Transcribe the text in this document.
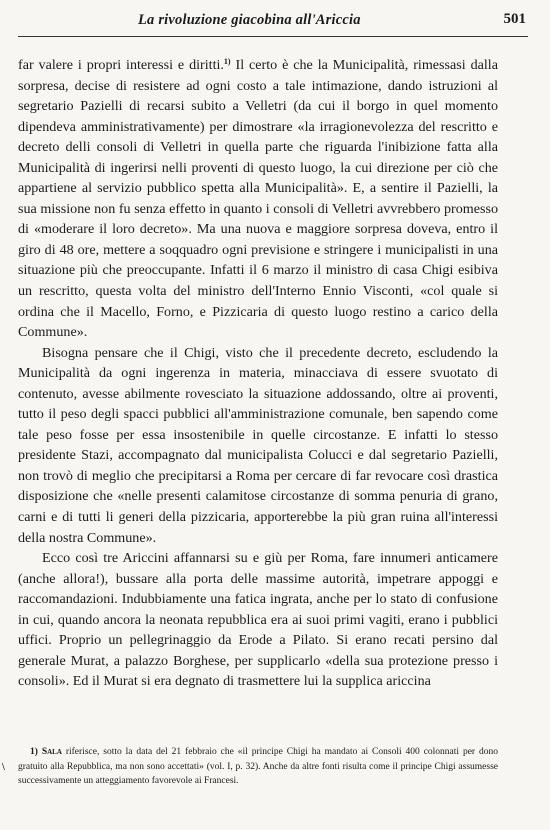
La rivoluzione giacobina all'Ariccia	501

far valere i propri interessi e diritti.$^{1)}$ Il certo è che la Municipalità, rimessasi dalla sorpresa, decise di resistere ad ogni costo a tale intimazione, dando istruzioni al segretario Pazielli di recarsi subito a Velletri (da cui il borgo in quel momento dipendeva amministrativamente) per dimostrare «la irragionevolezza del rescritto e decreto delli consoli di Velletri in quella parte che riguarda l'inibizione fatta alla Municipalità di ingerirsi nelli proventi di questo luogo, la cui direzione per ciò che appartiene al servizio pubblico spetta alla Municipalità». E, a sentire il Pazielli, la sua missione non fu senza effetto in quanto i consoli di Velletri avvrebbero promesso di «moderare il loro decreto». Ma una nuova e maggiore sorpresa doveva, entro il giro di 48 ore, mettere a soqquadro ogni previsione e stringere i municipalisti in una situazione più che preoccupante. Infatti il 6 marzo il ministro di casa Chigi esibiva un rescritto, questa volta del ministro dell'Interno Ennio Visconti, «col quale si ordina che il Macello, Forno, e Pizzicaria di questo luogo restino a carico della Commune».

Bisogna pensare che il Chigi, visto che il precedente decreto, escludendo la Municipalità da ogni ingerenza in materia, minacciava di essere svuotato di contenuto, avesse abilmente rovesciato la situazione addossando, oltre ai proventi, tutto il peso degli spacci pubblici all'amministrazione comunale, ben sapendo come tale peso fosse per essa insostenibile in quelle circostanze. E infatti lo stesso presidente Stazi, accompagnato dal municipalista Colucci e dal segretario Pazielli, non trovò di meglio che precipitarsi a Roma per cercare di far revocare così drastica disposizione che «nelle presenti calamitose circostanze di somma penuria di grano, carni e di tutti li generi della pizzicaria, apporterebbe la più gran ruina all'interessi della nostra Commune».

Ecco così tre Ariccini affannarsi su e giù per Roma, fare innumeri anticamere (anche allora!), bussare alla porta delle massime autorità, impetrare appoggi e raccomandazioni. Indubbiamente una fatica ingrata, anche per lo stato di confusione in cui, quando ancora la neonata repubblica era ai suoi primi vagiti, erano i pubblici uffici. Proprio un pellegrinaggio da Erode a Pilato. Si erano recati persino dal generale Murat, a palazzo Borghese, per supplicarlo «della sua protezione presso i consoli». Ed il Murat si era degnato di trasmettere lui la supplica ariccina

\
1) Sala riferisce, sotto la data del 21 febbraio che «il principe Chigi ha mandato ai Consoli 400 colonnati per dono gratuito alla Repubblica, ma non sono accettati» (vol. I, p. 32). Anche da altre fonti risulta come il principe Chigi assumesse successivamente un atteggiamento favorevole ai Francesi.
